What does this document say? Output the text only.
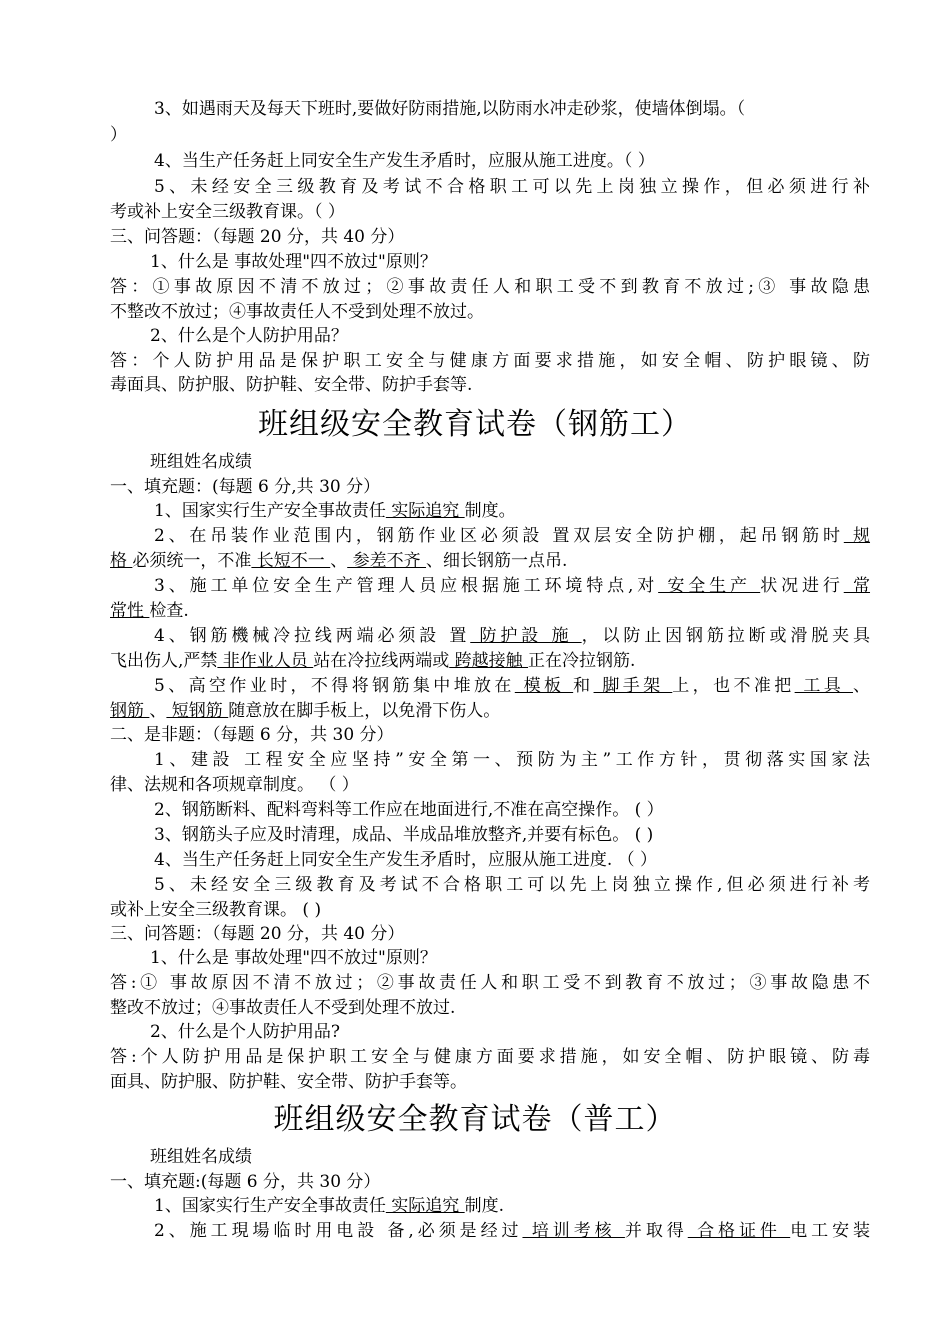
3、如遇雨天及每天下班时,要做好防雨措施,以防雨水冲走砂浆，使墙体倒塌。（
）
4、当生产任务赶上同安全生产发生矛盾时，应服从施工进度。（ ）
5、未经安全三级教育及考试不合格职工可以先上岗独立操作，但必须进行补
考或补上安全三级教育课。（ ）
三、问答题：（每题 20 分，共 40 分）
1、什么是 事故处理"四不放过"原则？
答：①事故原因不清不放过；②事故责任人和职工受不到教育不放过;③ 事故隐患
不整改不放过；④事故责任人不受到处理不放过。
2、什么是个人防护用品？
答：个人防护用品是保护职工安全与健康方面要求措施，如安全帽、防护眼镜、防
毒面具、防护服、防护鞋、安全带、防护手套等.
班组级安全教育试卷（钢筋工）
班组姓名成绩
一、填充题：(每题 6 分,共 30 分）
1、国家实行生产安全事故责任 实际追究 制度。
2、在吊装作业范围内，钢筋作业区必须設 置双层安全防护棚，起吊钢筋时 规
格 必须统一，不准 长短不一 、 参差不齐 、细长钢筋一点吊.
3、施工单位安全生产管理人员应根据施工环境特点,对 安全生产 状况进行 常
常性 检查.
4、钢筋機械冷拉线两端必须設 置 防护設 施 ，以防止因钢筋拉断或滑脱夹具
飞出伤人,严禁 非作业人员 站在冷拉线两端或 跨越接触 正在冷拉钢筋.
5、高空作业时，不得将钢筋集中堆放在 模板 和 脚手架 上，也不准把 工具 、
钢筋 、 短钢筋 随意放在脚手板上，以免滑下伤人。
二、是非题：（每题 6 分，共 30 分）
1、建設 工程安全应坚持”安全第一、预防为主”工作方针，贯彻落实国家法
律、法规和各项规章制度。 （ ）
2、钢筋断料、配料弯料等工作应在地面进行,不准在高空操作。 ( ）
3、钢筋头子应及时清理，成品、半成品堆放整齐,并要有标色。 ( )
4、当生产任务赶上同安全生产发生矛盾时，应服从施工进度. （ ）
5、未经安全三级教育及考试不合格职工可以先上岗独立操作,但必须进行补考
或补上安全三级教育课。 ( )
三、问答题：（每题 20 分，共 40 分）
1、什么是 事故处理"四不放过"原则？
答:① 事故原因不清不放过；②事故责任人和职工受不到教育不放过；③事故隐患不
整改不放过；④事故责任人不受到处理不放过.
2、什么是个人防护用品?
答:个人防护用品是保护职工安全与健康方面要求措施，如安全帽、防护眼镜、防毒
面具、防护服、防护鞋、安全带、防护手套等。
班组级安全教育试卷（普工）
班组姓名成绩
一、填充题:(每题 6 分，共 30 分）
1、国家实行生产安全事故责任 实际追究 制度.
2、施工現場临时用电設 备,必须是经过 培训考核 并取得 合格证件 电工安装
